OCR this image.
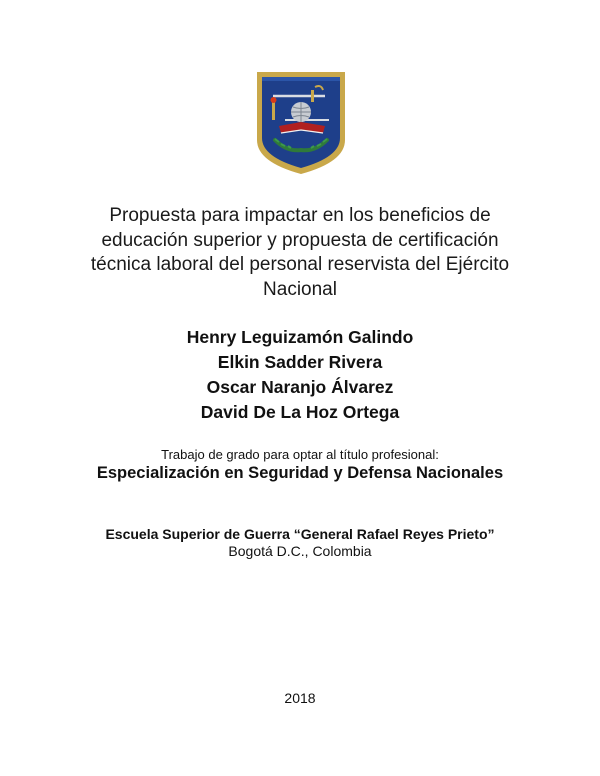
Propuesta para impactar en los beneficios de
educación superior y propuesta de certificación
técnica laboral del personal reservista del Ejército
Nacional
Henry Leguizamón Galindo
Elkin Sadder Rivera
Oscar Naranjo Álvarez
David De La Hoz Ortega
Trabajo de grado para optar al título profesional:
Especialización en Seguridad y Defensa Nacionales
Escuela Superior de Guerra “General Rafael Reyes Prieto”
Bogotá D.C., Colombia
2018
